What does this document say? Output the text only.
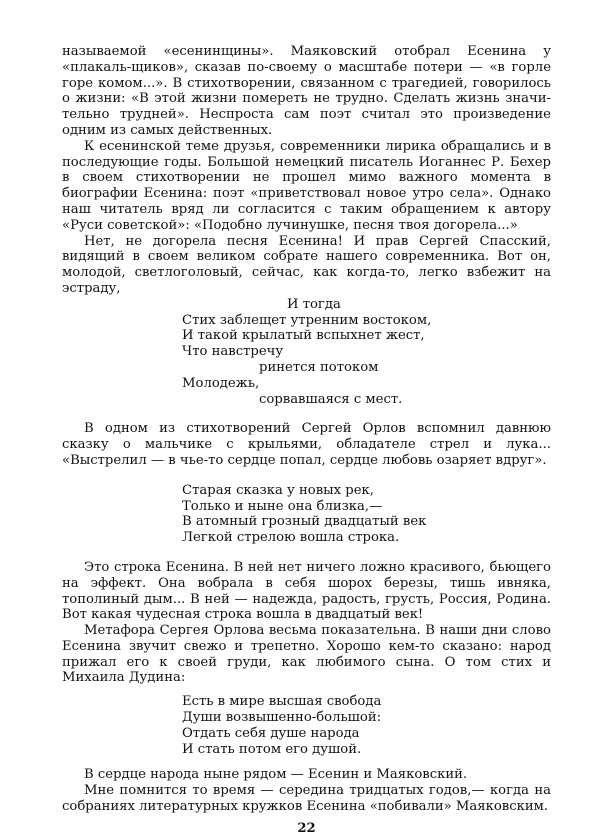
называемой «есенинщины». Маяковский отобрал Есенина у «плакаль-щиков», сказав по-своему о масштабе потери — «в горле горе комом...». В стихотворении, связанном с трагедией, говорилось о жизни: «В этой жизни помереть не трудно. Сделать жизнь значи-тельно трудней». Неспроста сам поэт считал это произведение одним из самых действенных.

К есенинской теме друзья, современники лирика обращались и в последующие годы. Большой немецкий писатель Иоганнес Р. Бехер в своем стихотворении не прошел мимо важного момента в биографии Есенина: поэт «приветствовал новое утро села». Однако наш читатель вряд ли согласится с таким обращением к автору «Руси советской»: «Подобно лучинушке, песня твоя догорела...»

Нет, не догорела песня Есенина! И прав Сергей Спасский, видящий в своем великом собрате нашего современника. Вот он, молодой, светлоголовый, сейчас, как когда-то, легко взбежит на эстраду,

И тогда
Стих заблещет утренним востоком,
И такой крылатый вспыхнет жест,
Что навстречу
ринется потоком
Молодежь,
сорвавшаяся с мест.

В одном из стихотворений Сергей Орлов вспомнил давнюю сказку о мальчике с крыльями, обладателе стрел и лука... «Выстрелил — в чье-то сердце попал, сердце любовь озаряет вдруг».

Старая сказка у новых рек,
Только и ныне она близка,—
В атомный грозный двадцатый век
Легкой стрелою вошла строка.

Это строка Есенина. В ней нет ничего ложно красивого, бьющего на эффект. Она вобрала в себя шорох березы, тишь ивняка, тополиный дым... В ней — надежда, радость, грусть, Россия, Родина. Вот какая чудесная строка вошла в двадцатый век!

Метафора Сергея Орлова весьма показательна. В наши дни слово Есенина звучит свежо и трепетно. Хорошо кем-то сказано: народ прижал его к своей груди, как любимого сына. О том стих и Михаила Дудина:

Есть в мире высшая свобода
Души возвышенно-большой:
Отдать себя душе народа
И стать потом его душой.

В сердце народа ныне рядом — Есенин и Маяковский.

Мне помнится то время — середина тридцатых годов,— когда на собраниях литературных кружков Есенина «побивали» Маяковским.

22
